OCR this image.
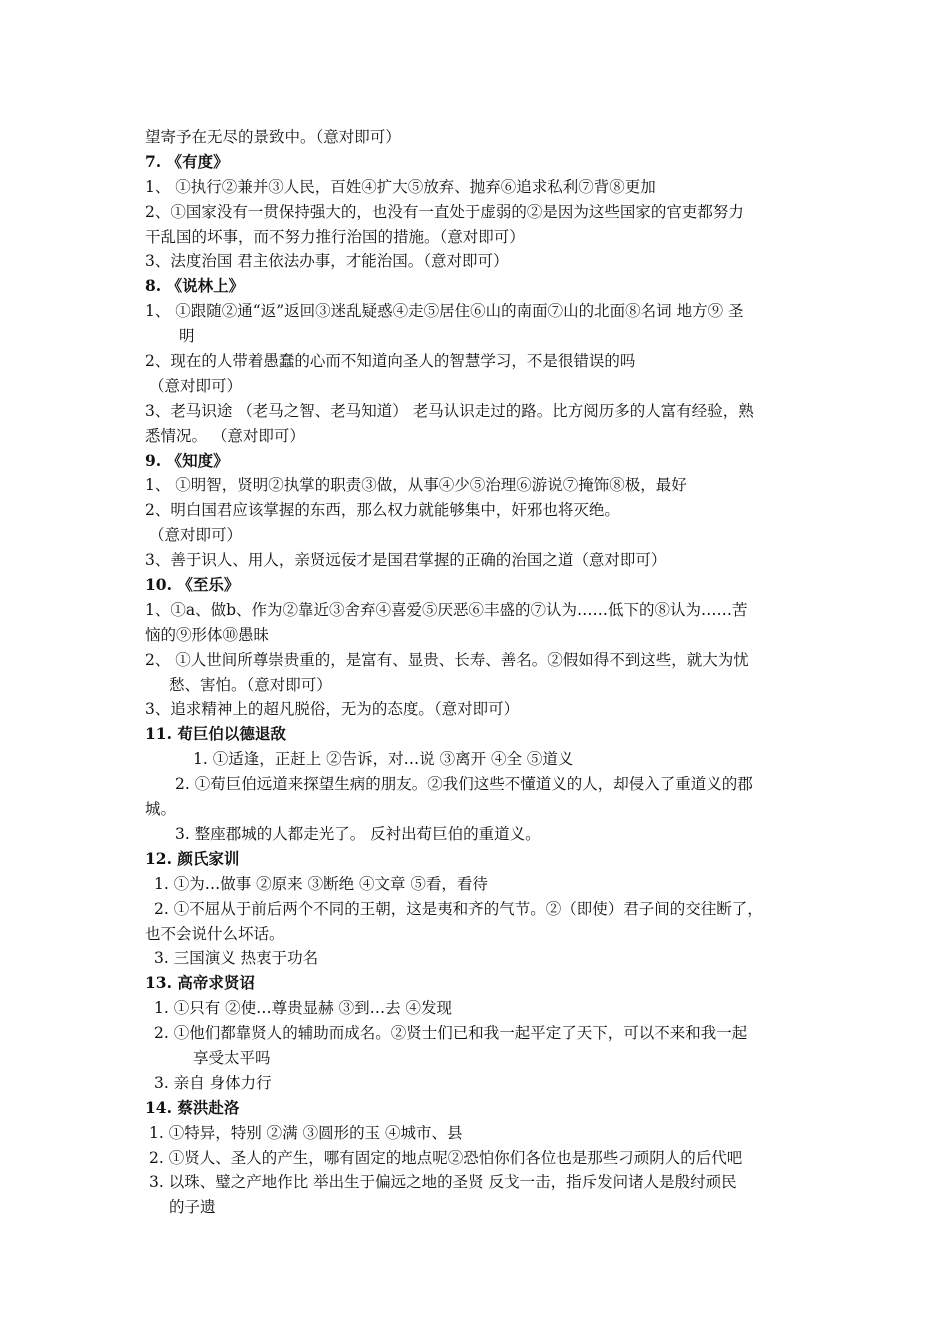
望寄予在无尽的景致中。（意对即可）
7. 《有度》
1、 ①执行②兼并③人民，百姓④扩大⑤放弃、抛弃⑥追求私利⑦背⑧更加
2、①国家没有一贯保持强大的，也没有一直处于虚弱的②是因为这些国家的官吏都努力
干乱国的坏事，而不努力推行治国的措施。（意对即可）
3、法度治国 君主依法办事，才能治国。（意对即可）
8. 《说林上》
1、 ①跟随②通“返”返回③迷乱疑惑④走⑤居住⑥山的南面⑦山的北面⑧名词 地方⑨ 圣
明
2、现在的人带着愚蠢的心而不知道向圣人的智慧学习，不是很错误的吗
（意对即可）
3、老马识途 （老马之智、老马知道） 老马认识走过的路。比方阅历多的人富有经验，熟
悉情况。 （意对即可）
9. 《知度》
1、 ①明智，贤明②执掌的职责③做，从事④少⑤治理⑥游说⑦掩饰⑧极，最好
2、明白国君应该掌握的东西，那么权力就能够集中，奸邪也将灭绝。
（意对即可）
3、善于识人、用人，亲贤远佞才是国君掌握的正确的治国之道（意对即可）
10. 《至乐》
1、①a、做b、作为②靠近③舍弃④喜爱⑤厌恶⑥丰盛的⑦认为……低下的⑧认为……苦
恼的⑨形体⑩愚昧
2、 ①人世间所尊崇贵重的，是富有、显贵、长寿、善名。②假如得不到这些，就大为忧
愁、害怕。（意对即可）
3、追求精神上的超凡脱俗，无为的态度。（意对即可）
11. 荀巨伯以德退敌
1. ①适逢，正赶上 ②告诉，对…说 ③离开 ④全 ⑤道义
2. ①荀巨伯远道来探望生病的朋友。②我们这些不懂道义的人，却侵入了重道义的郡
城。
3. 整座郡城的人都走光了。 反衬出荀巨伯的重道义。
12. 颜氏家训
1. ①为…做事 ②原来 ③断绝 ④文章 ⑤看，看待
2. ①不屈从于前后两个不同的王朝，这是夷和齐的气节。②（即使）君子间的交往断了，
也不会说什么坏话。
3. 三国演义 热衷于功名
13. 高帝求贤诏
1. ①只有 ②使…尊贵显赫 ③到…去 ④发现
2. ①他们都靠贤人的辅助而成名。②贤士们已和我一起平定了天下，可以不来和我一起
享受太平吗
3. 亲自 身体力行
14. 蔡洪赴洛
1. ①特异，特别 ②满 ③圆形的玉 ④城市、县
2. ①贤人、圣人的产生，哪有固定的地点呢②恐怕你们各位也是那些刁顽阴人的后代吧
3. 以珠、璧之产地作比 举出生于偏远之地的圣贤 反戈一击，指斥发问诸人是殷纣顽民
的子遗
